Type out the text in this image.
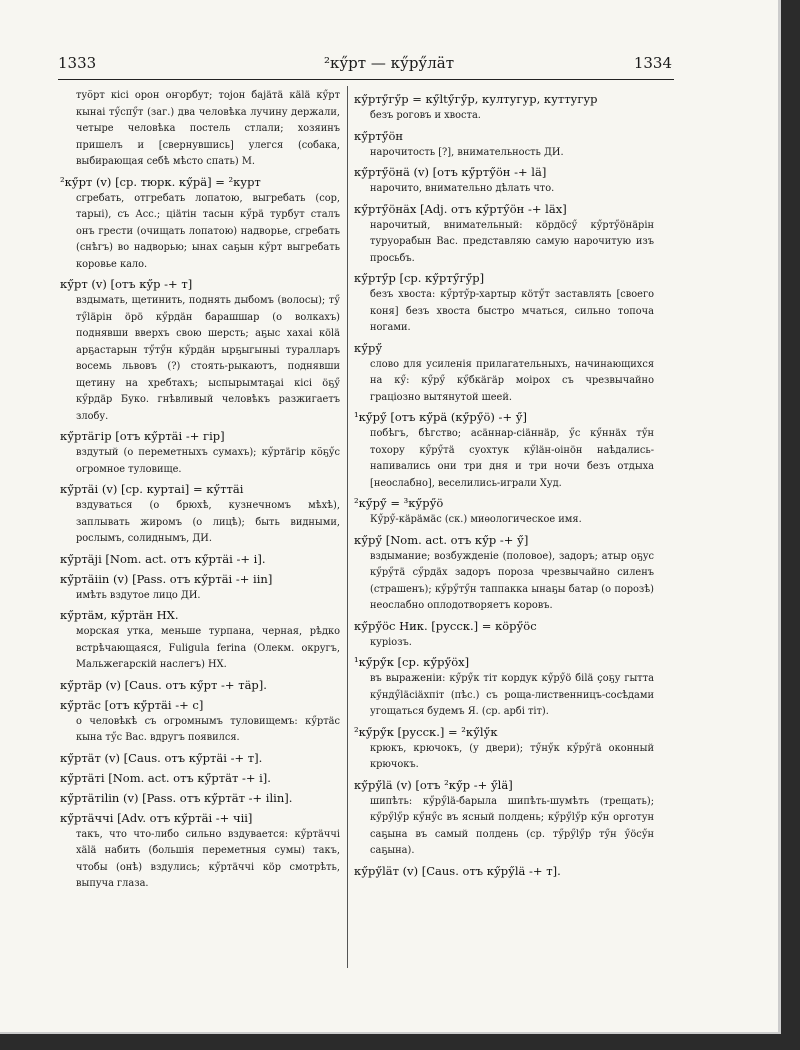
1333	²кӳрт — кӳрӳлӓт	1334
туӧрт кісі орон оҥорбут; тојон баjäтä кälä кӳрт кынаі тӳспӳт (заг.) два человѣка лучину держали, четыре человѣка постель стлали; хозяинъ пришелъ и [свернувшись] улегся (собака, выбирающая себѣ мѣсто спать) М.
²кӳрт (v) [ср. тюрк. кӳрä] = ²курт
сгребать, отгребать лопатою, выгребать (сор, тарыі), съ Асс.; ціäтін тасын кӳрä турбут сталъ онъ грести (очищать лопатою) надворье, сгребать (снѣгъ) во надворью; ынах саҕын кӳрт выгребать коровье кало.
кӳрт (v) [отъ кӳр -+ т]
вздымать, щетинить, поднять дыбомъ (волосы); тӳ тӳläрін öрö кӳрдäн барашшар (о волкахъ) поднявши вверхъ свою шерсть; аҕыс хахаі кölä арҕастарын тӳтӳн кӳрдäн ырҕыгыныі туралларъ восемь львовъ (?) стоять-рыкаютъ, поднявши щетину на хребтахъ; ыспырымтаҕаі кісі öҕӳ кӳрдäр Буко. гнѣвливый человѣкъ разжигаетъ злобу.
кӳртäгір [отъ кӳртäі -+ гір]
вздутый (о переметныхъ сумахъ); кӳртäгір кӧҕӳс огромное туловище.
кӳртäі (v) [ср. куртаі] = кӳттäі
вздуваться (о брюхѣ, кузнечномъ мѣхѣ), заплывать жиромъ (о лицѣ); быть видными, рослымъ, солиднымъ, ДИ.
кӳртäjі [Nom. act. отъ кӳртäі -+ і].
кӳртäііn (v) [Pass. отъ кӳртäі -+ ііn]
имѣть вздутое лицо ДИ.
кӳртäм, кӳртäн НХ.
морская утка, меньше турпана, черная, рѣдко встрѣчающаяся, Fuligula ferina (Олекм. округъ, Мальжегарскій наслегъ) НХ.
кӳртäр (v) [Caus. отъ кӳрт -+ тäр].
кӳртäс [отъ кӳртäі -+ с]
о человѣкѣ съ огромнымъ туловищемъ: кӳртäс кына тӳс Вас. вдругъ появился.
кӳртäт (v) [Caus. отъ кӳртäі -+ т].
кӳртäті [Nom. act. отъ кӳртäт -+ і].
кӳртäтіlіn (v) [Pass. отъ кӳртäт -+ ilin].
кӳртäччі [Adv. отъ кӳртäі -+ чіі]
такъ, что что-либо сильно вздувается: кӳртäччі хälä набить (большія переметныя сумы) такъ, чтобы (онѣ) вздулись; кӳртäччі кöр смотрѣть, выпуча глаза.
кӳртӳгӳр = кӳltӳгӳр, култугур, куттугур
безъ роговъ и хвоста.
кӳртӳöн
нарочитость [?], внимательность ДИ.
кӳртӳöнä (v) [отъ кӳртӳöн -+ lä]
нарочито, внимательно дѣлать что.
кӳртӳöнäх [Adj. отъ кӳртӳöн -+ läх]
нарочитый, внимательный: кöрдöсӳ кӳртӳöнäрін туруорабын Вас. представляю самую нарочитую изъ просьбъ.
кӳртӳр [ср. кӳртӳгӳр]
безъ хвоста: кӳртӳр-хартыр кöтӳт заставлять [своего коня] безъ хвоста быстро мчаться, сильно топоча ногами.
кӳрӳ
слово для усиленія прилагательныхъ, начинающихся на кӳ: кӳрӳ кӳбкäгäр моіроx съ чрезвычайно граціозно вытянутой шеей.
¹кӳрӳ [отъ кӳрä (кӳрӳö) -+ ӳ]
побѣгъ, бѣгство; асäннар-сіäннäр, ӳс кӳннäх тӳн тохору кӳрӳтä суохтук кӳläн-оінöн наѣдались-напивались они три дня и три ночи безъ отдыха [неослабно], веселились-играли Худ.
²кӳрӳ = ³кӳрӳö
Кӳрӳ-кäрäмäс (ск.) миѳологическое имя.
кӳрӳ [Nom. act. отъ кӳр -+ ӳ]
вздымание; возбужденіе (половое), задоръ; атыр оҕус кӳрӳтä сӳрдäх задоръ пороза чрезвычайно силенъ (страшенъ); кӳрӳтӳн таппакка ынаҕы батар (о порозѣ) неослабно оплодотворяетъ коровъ.
кӳрӳöс Ник. [русск.] = кöрӳöс
куріозъ.
¹кӳрӳк [ср. кӳрӳöх]
въ выраженіи: кӳрӳк тіт кордук кӳрӳö біlä ҫоҕу гытта кӳндӳläсіäхпіт (пѣс.) съ роща-лиственницъ-сосѣдами угощаться будемъ Я. (ср. арбі тіт).
²кӳрӳк [русск.] = ²кӳlӳк
крюкъ, крючокъ, (у двери); тӳнӳк кӳрӳгä оконный крючокъ.
кӳрӳlä (v) [отъ ²кӳр -+ ӳlä]
шипѣть: кӳрӳlä-барыла шипѣть-шумѣть (трещать); кӳрӳlӳр кӳнӳс въ ясный полдень; кӳрӳlӳр кӳн орготун саҕына въ самый полдень (ср. тӳрӳlӳр тӳн ӳöсӳн саҕына).
кӳрӳlӓт (v) [Caus. отъ кӳрӳlä -+ т].
